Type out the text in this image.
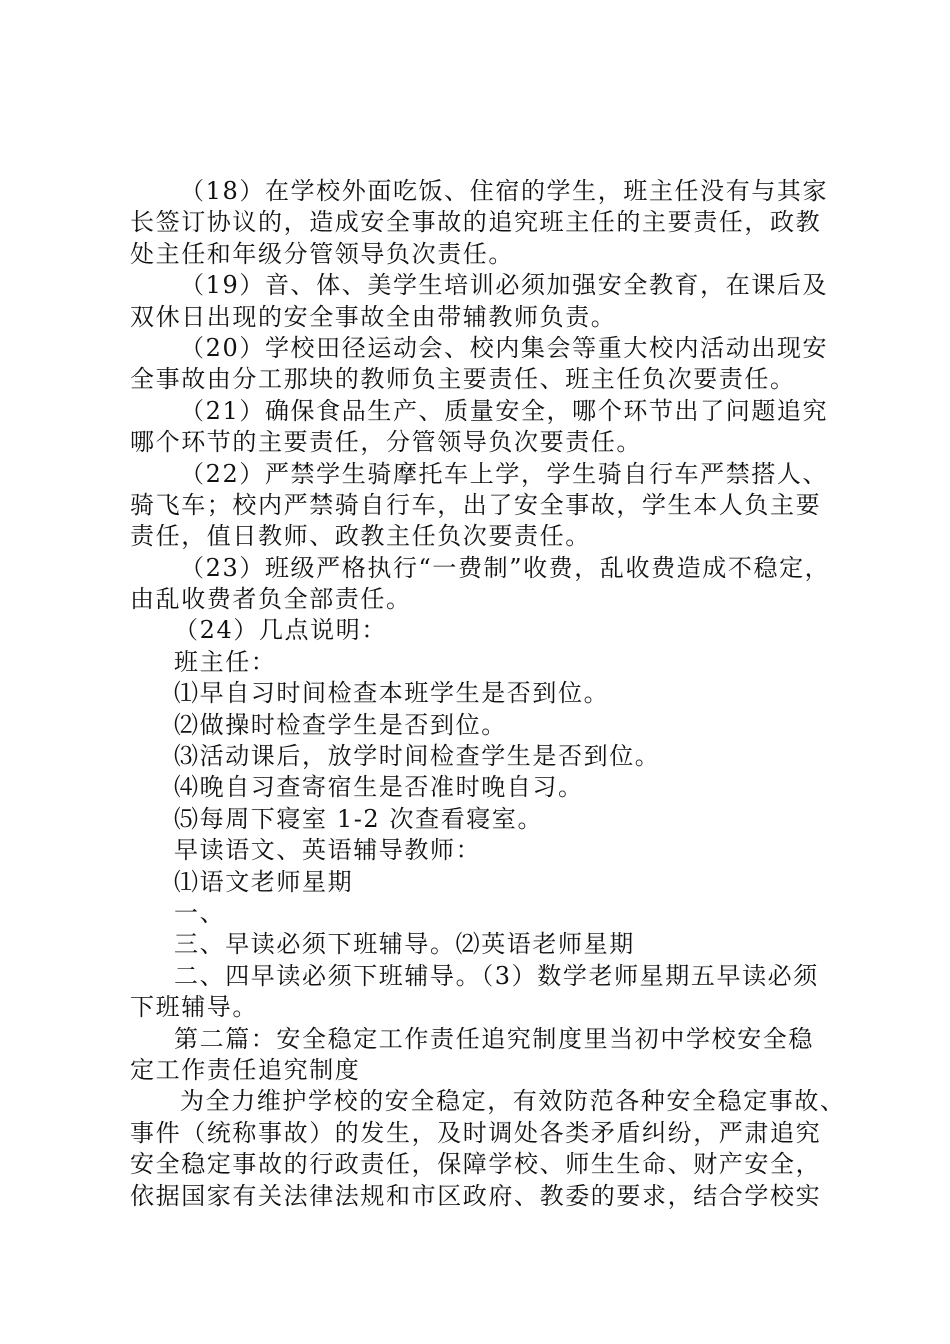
（18）在学校外面吃饭、住宿的学生，班主任没有与其家
长签订协议的，造成安全事故的追究班主任的主要责任，政教
处主任和年级分管领导负次责任。
（19）音、体、美学生培训必须加强安全教育，在课后及
双休日出现的安全事故全由带辅教师负责。
（20）学校田径运动会、校内集会等重大校内活动出现安
全事故由分工那块的教师负主要责任、班主任负次要责任。
（21）确保食品生产、质量安全，哪个环节出了问题追究
哪个环节的主要责任，分管领导负次要责任。
（22）严禁学生骑摩托车上学，学生骑自行车严禁搭人、
骑飞车；校内严禁骑自行车，出了安全事故，学生本人负主要
责任，值日教师、政教主任负次要责任。
（23）班级严格执行“一费制”收费，乱收费造成不稳定，
由乱收费者负全部责任。
（24）几点说明：
班主任：
⑴早自习时间检查本班学生是否到位。
⑵做操时检查学生是否到位。
⑶活动课后，放学时间检查学生是否到位。
⑷晚自习查寄宿生是否准时晚自习。
⑸每周下寝室 1-2 次查看寝室。
早读语文、英语辅导教师：
⑴语文老师星期
一、
三、早读必须下班辅导。⑵英语老师星期
二、四早读必须下班辅导。（3）数学老师星期五早读必须
下班辅导。
第二篇：安全稳定工作责任追究制度里当初中学校安全稳
定工作责任追究制度
为全力维护学校的安全稳定，有效防范各种安全稳定事故、
事件（统称事故）的发生，及时调处各类矛盾纠纷，严肃追究
安全稳定事故的行政责任，保障学校、师生生命、财产安全，
依据国家有关法律法规和市区政府、教委的要求，结合学校实
